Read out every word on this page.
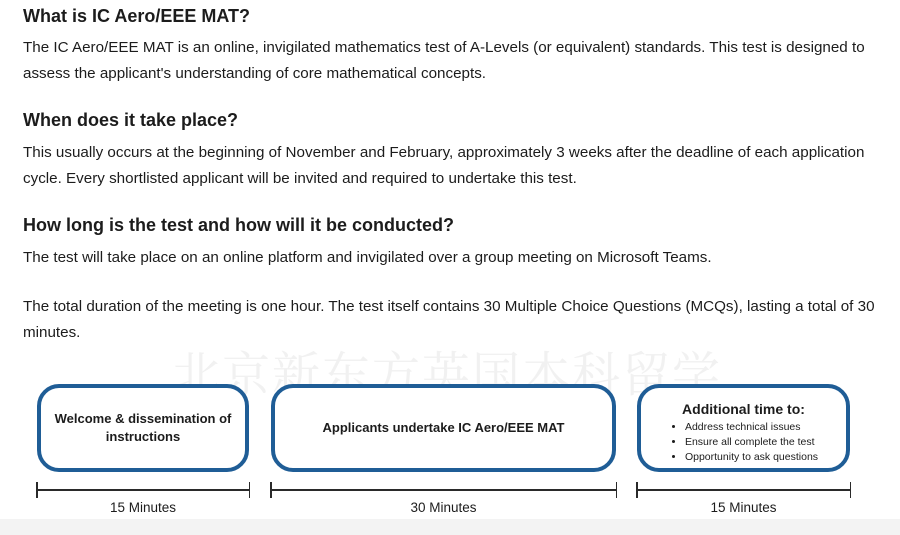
What is IC Aero/EEE MAT?

The IC Aero/EEE MAT is an online, invigilated mathematics test of A-Levels (or equivalent) standards. This test is designed to assess the applicant's understanding of core mathematical concepts.

When does it take place?

This usually occurs at the beginning of November and February, approximately 3 weeks after the deadline of each application cycle. Every shortlisted applicant will be invited and required to undertake this test.

How long is the test and how will it be conducted?

The test will take place on an online platform and invigilated over a group meeting on Microsoft Teams.

The total duration of the meeting is one hour. The test itself contains 30 Multiple Choice Questions (MCQs), lasting a total of 30 minutes.

北京新东方英国本科留学
Welcome & dissemination of instructions
Applicants undertake IC Aero/EEE MAT
Additional time to:
• Address technical issues
• Ensure all complete the test
• Opportunity to ask questions
15 Minutes	30 Minutes	15 Minutes
